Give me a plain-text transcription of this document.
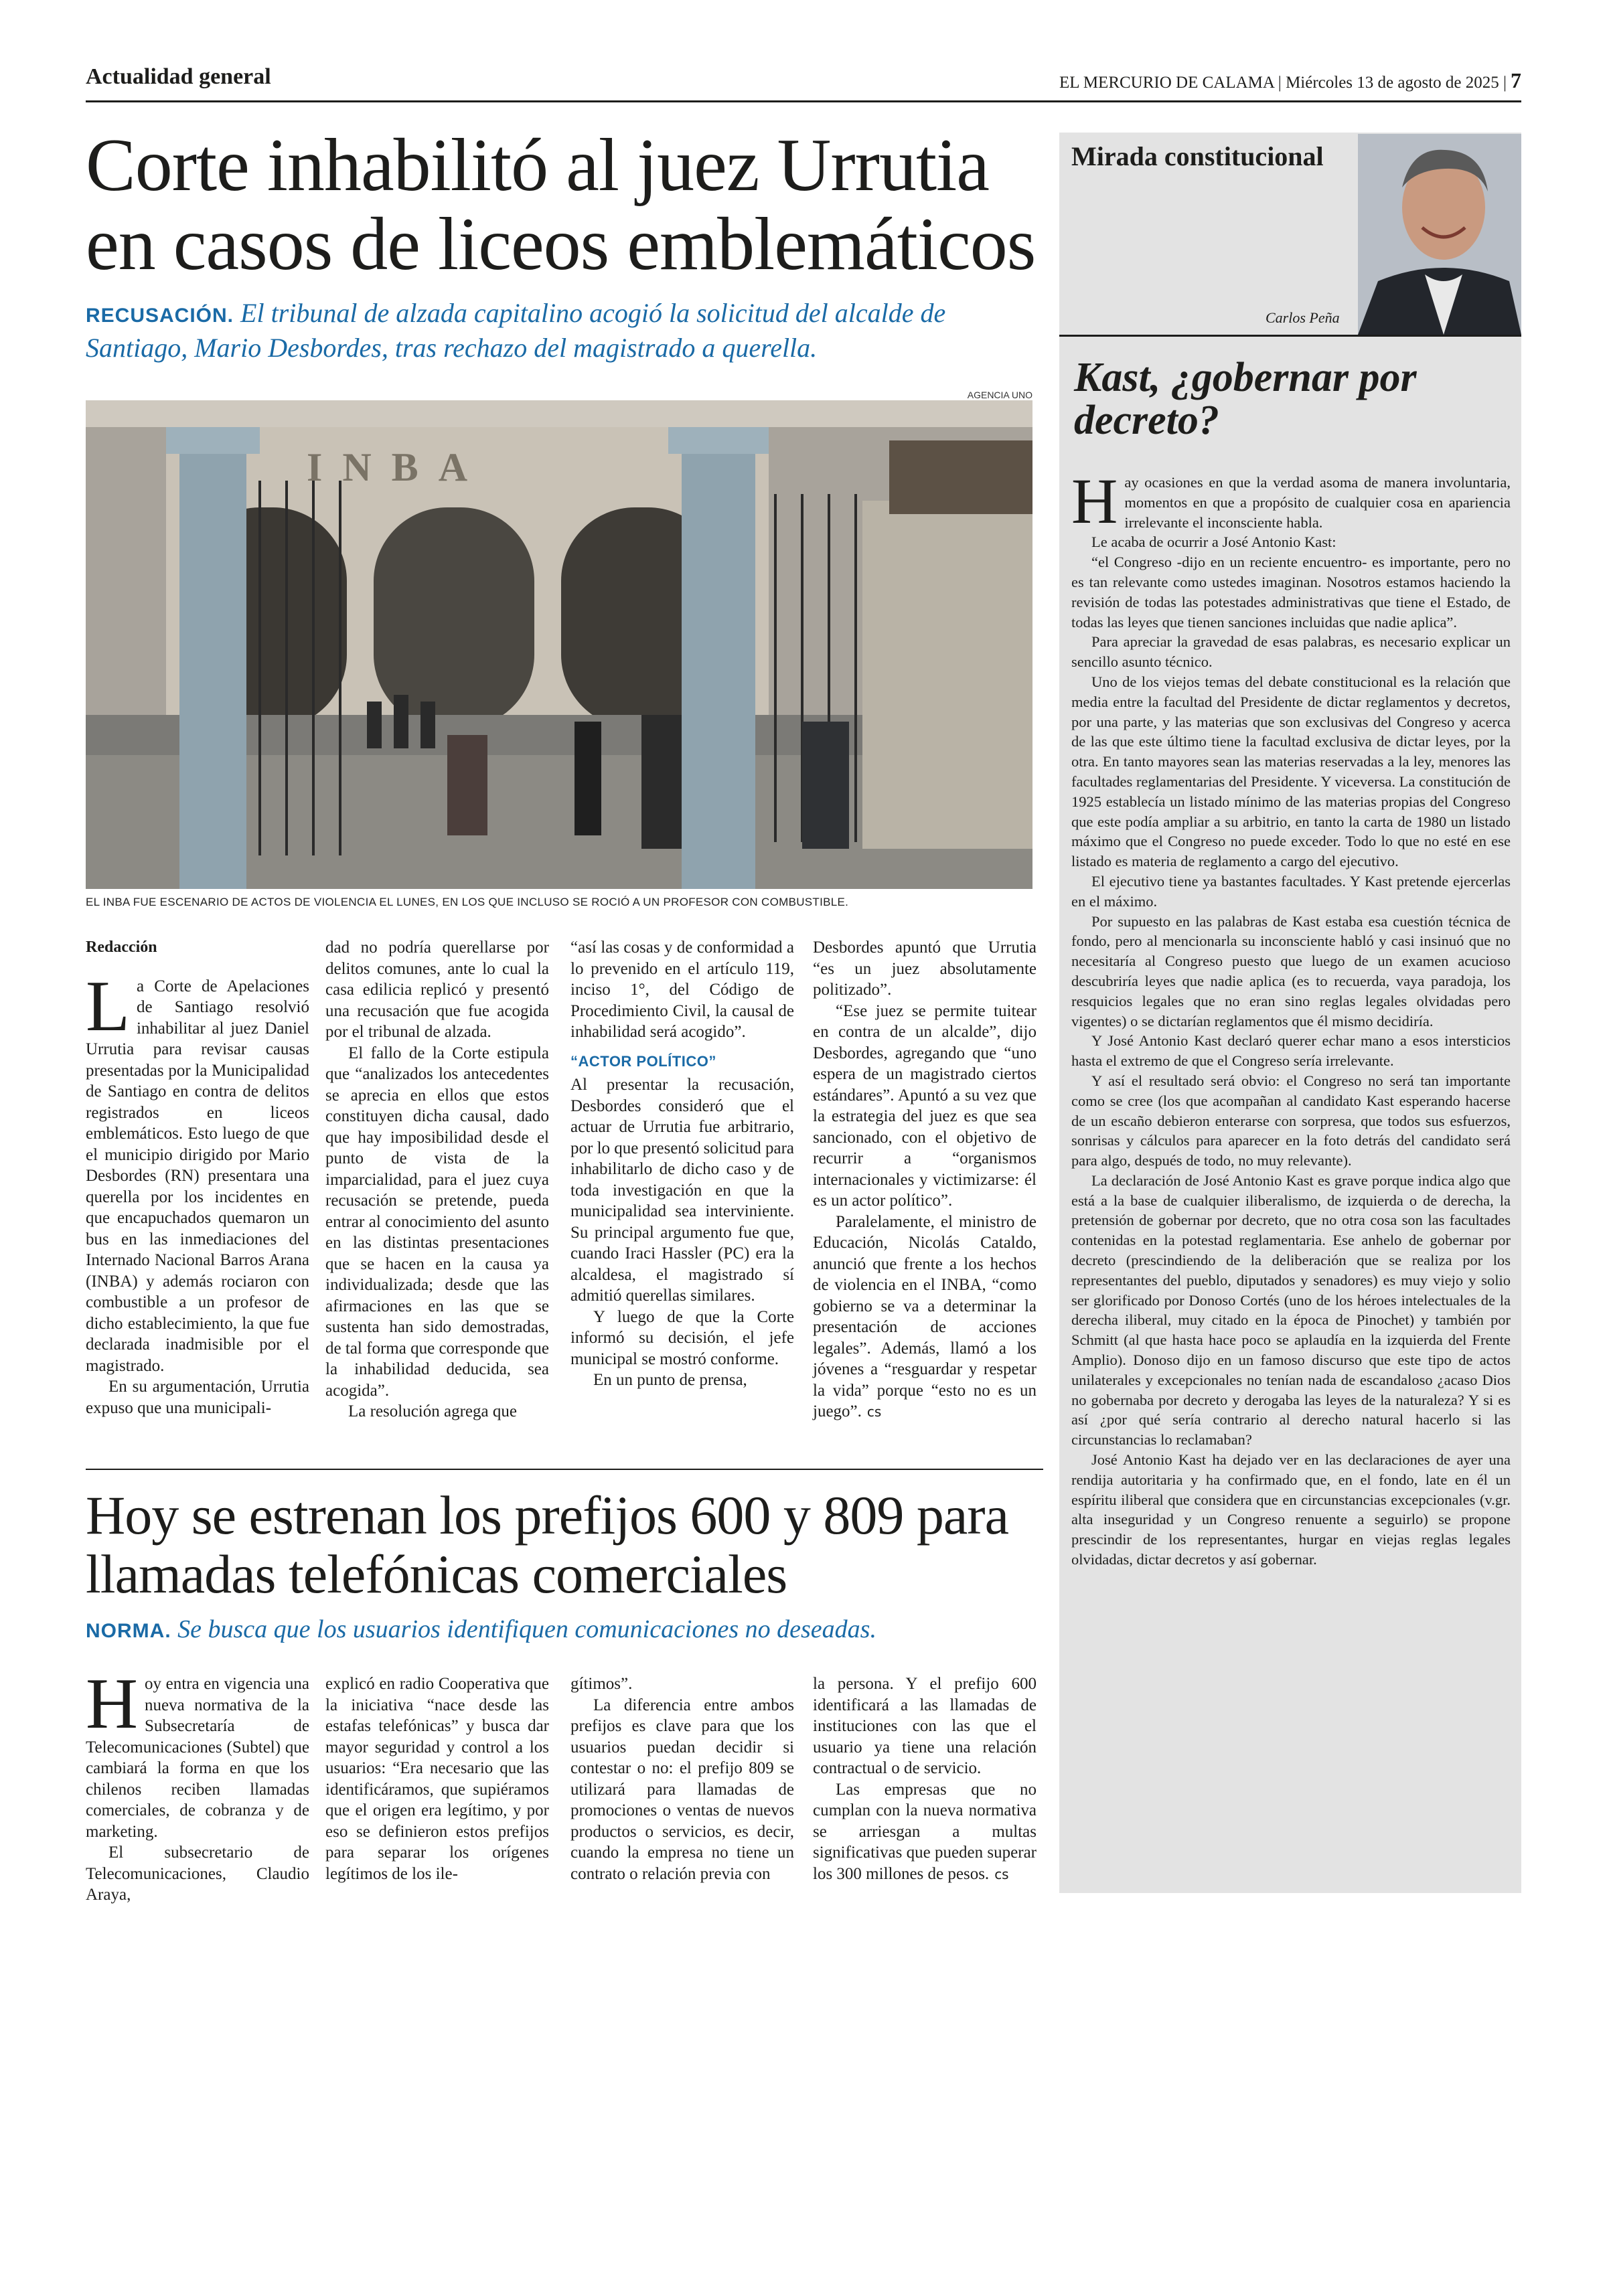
Actualidad general	EL MERCURIO DE CALAMA | Miércoles 13 de agosto de 2025 | 7
Corte inhabilitó al juez Urrutia en casos de liceos emblemáticos
RECUSACIÓN. El tribunal de alzada capitalino acogió la solicitud del alcalde de Santiago, Mario Desbordes, tras rechazo del magistrado a querella.
AGENCIA UNO
INBA
EL INBA FUE ESCENARIO DE ACTOS DE VIOLENCIA EL LUNES, EN LOS QUE INCLUSO SE ROCIÓ A UN PROFESOR CON COMBUSTIBLE.
Redacción
L a Corte de Apelaciones de Santiago resolvió inhabilitar al juez Daniel Urrutia para revisar causas presentadas por la Municipalidad de Santiago en contra de delitos registrados en liceos emblemáticos. Esto luego de que el municipio dirigido por Mario Desbordes (RN) presentara una querella por los incidentes en que encapuchados quemaron un bus en las inmediaciones del Internado Nacional Barros Arana (INBA) y además rociaron con combustible a un profesor de dicho establecimiento, la que fue declarada inadmisible por el magistrado.

En su argumentación, Urrutia expuso que una municipali-

dad no podría querellarse por delitos comunes, ante lo cual la casa edilicia replicó y presentó una recusación que fue acogida por el tribunal de alzada.

El fallo de la Corte estipula que “analizados los antecedentes se aprecia en ellos que estos constituyen dicha causal, dado que hay imposibilidad desde el punto de vista de la imparcialidad, para el juez cuya recusación se pretende, pueda entrar al conocimiento del asunto en las distintas presentaciones que se hacen en la causa ya individualizada; desde que las afirmaciones en las que se sustenta han sido demostradas, de tal forma que corresponde que la inhabilidad deducida, sea acogida”.

La resolución agrega que

“así las cosas y de conformidad a lo prevenido en el artículo 119, inciso 1°, del Código de Procedimiento Civil, la causal de inhabilidad será acogido”.

“ACTOR POLÍTICO”

Al presentar la recusación, Desbordes consideró que el actuar de Urrutia fue arbitrario, por lo que presentó solicitud para inhabilitarlo de dicho caso y de toda investigación en que la municipalidad sea interviniente. Su principal argumento fue que, cuando Iraci Hassler (PC) era la alcaldesa, el magistrado sí admitió querellas similares.

Y luego de que la Corte informó su decisión, el jefe municipal se mostró conforme.

En un punto de prensa,

Desbordes apuntó que Urrutia “es un juez absolutamente politizado”.

“Ese juez se permite tuitear en contra de un alcalde”, dijo Desbordes, agregando que “uno espera de un magistrado ciertos estándares”. Apuntó a su vez que la estrategia del juez es que sea sancionado, con el objetivo de recurrir a “organismos internacionales y victimizarse: él es un actor político”.

Paralelamente, el ministro de Educación, Nicolás Cataldo, anunció que frente a los hechos de violencia en el INBA, “como gobierno se va a determinar la presentación de acciones legales”. Además, llamó a los jóvenes a “resguardar y respetar la vida” porque “esto no es un juego”. cs

Hoy se estrenan los prefijos 600 y 809 para llamadas telefónicas comerciales
NORMA. Se busca que los usuarios identifiquen comunicaciones no deseadas.
H oy entra en vigencia una nueva normativa de la Subsecretaría de Telecomunicaciones (Subtel) que cambiará la forma en que los chilenos reciben llamadas comerciales, de cobranza y de marketing.

El subsecretario de Telecomunicaciones, Claudio Araya,

explicó en radio Cooperativa que la iniciativa “nace desde las estafas telefónicas” y busca dar mayor seguridad y control a los usuarios: “Era necesario que las identificáramos, que supiéramos que el origen era legítimo, y por eso se definieron estos prefijos para separar los orígenes legítimos de los ile-

gítimos”.

La diferencia entre ambos prefijos es clave para que los usuarios puedan decidir si contestar o no: el prefijo 809 se utilizará para llamadas de promociones o ventas de nuevos productos o servicios, es decir, cuando la empresa no tiene un contrato o relación previa con

la persona. Y el prefijo 600 identificará a las llamadas de instituciones con las que el usuario ya tiene una relación contractual o de servicio.

Las empresas que no cumplan con la nueva normativa se arriesgan a multas significativas que pueden superar los 300 millones de pesos. cs

Mirada constitucional
Carlos Peña
Kast, ¿gobernar por decreto?
H ay ocasiones en que la verdad asoma de manera involuntaria, momentos en que a propósito de cualquier cosa en apariencia irrelevante el inconsciente habla.

Le acaba de ocurrir a José Antonio Kast:

“el Congreso -dijo en un reciente encuentro- es importante, pero no es tan relevante como ustedes imaginan. Nosotros estamos haciendo la revisión de todas las potestades administrativas que tiene el Estado, de todas las leyes que tienen sanciones incluidas que nadie aplica”.

Para apreciar la gravedad de esas palabras, es necesario explicar un sencillo asunto técnico.

Uno de los viejos temas del debate constitucional es la relación que media entre la facultad del Presidente de dictar reglamentos y decretos, por una parte, y las materias que son exclusivas del Congreso y acerca de las que este último tiene la facultad exclusiva de dictar leyes, por la otra. En tanto mayores sean las materias reservadas a la ley, menores las facultades reglamentarias del Presidente. Y viceversa. La constitución de 1925 establecía un listado mínimo de las materias propias del Congreso que este podía ampliar a su arbitrio, en tanto la carta de 1980 un listado máximo que el Congreso no puede exceder. Todo lo que no esté en ese listado es materia de reglamento a cargo del ejecutivo.

El ejecutivo tiene ya bastantes facultades. Y Kast pretende ejercerlas en el máximo.

Por supuesto en las palabras de Kast estaba esa cuestión técnica de fondo, pero al mencionarla su inconsciente habló y casi insinuó que no necesitaría al Congreso puesto que luego de un examen acucioso descubriría leyes que nadie aplica (es to recuerda, vaya paradoja, los resquicios legales que no eran sino reglas legales olvidadas pero vigentes) o se dictarían reglamentos que él mismo decidiría.

Y José Antonio Kast declaró querer echar mano a esos intersticios hasta el extremo de que el Congreso sería irrelevante.

Y así el resultado será obvio: el Congreso no será tan importante como se cree (los que acompañan al candidato Kast esperando hacerse de un escaño debieron enterarse con sorpresa, que todos sus esfuerzos, sonrisas y cálculos para aparecer en la foto detrás del candidato será para algo, después de todo, no muy relevante).

La declaración de José Antonio Kast es grave porque indica algo que está a la base de cualquier iliberalismo, de izquierda o de derecha, la pretensión de gobernar por decreto, que no otra cosa son las facultades contenidas en la potestad reglamentaria. Ese anhelo de gobernar por decreto (prescindiendo de la deliberación que se realiza por los representantes del pueblo, diputados y senadores) es muy viejo y solio ser glorificado por Donoso Cortés (uno de los héroes intelectuales de la derecha iliberal, muy citado en la época de Pinochet) y también por Schmitt (al que hasta hace poco se aplaudía en la izquierda del Frente Amplio). Donoso dijo en un famoso discurso que este tipo de actos unilaterales y excepcionales no tenían nada de escandaloso ¿acaso Dios no gobernaba por decreto y derogaba las leyes de la naturaleza? Y si es así ¿por qué sería contrario al derecho natural hacerlo si las circunstancias lo reclamaban?

José Antonio Kast ha dejado ver en las declaraciones de ayer una rendija autoritaria y ha confirmado que, en el fondo, late en él un espíritu iliberal que considera que en circunstancias excepcionales (v.gr. alta inseguridad y un Congreso renuente a seguirlo) se propone prescindir de los representantes, hurgar en viejas reglas legales olvidadas, dictar decretos y así gobernar.
